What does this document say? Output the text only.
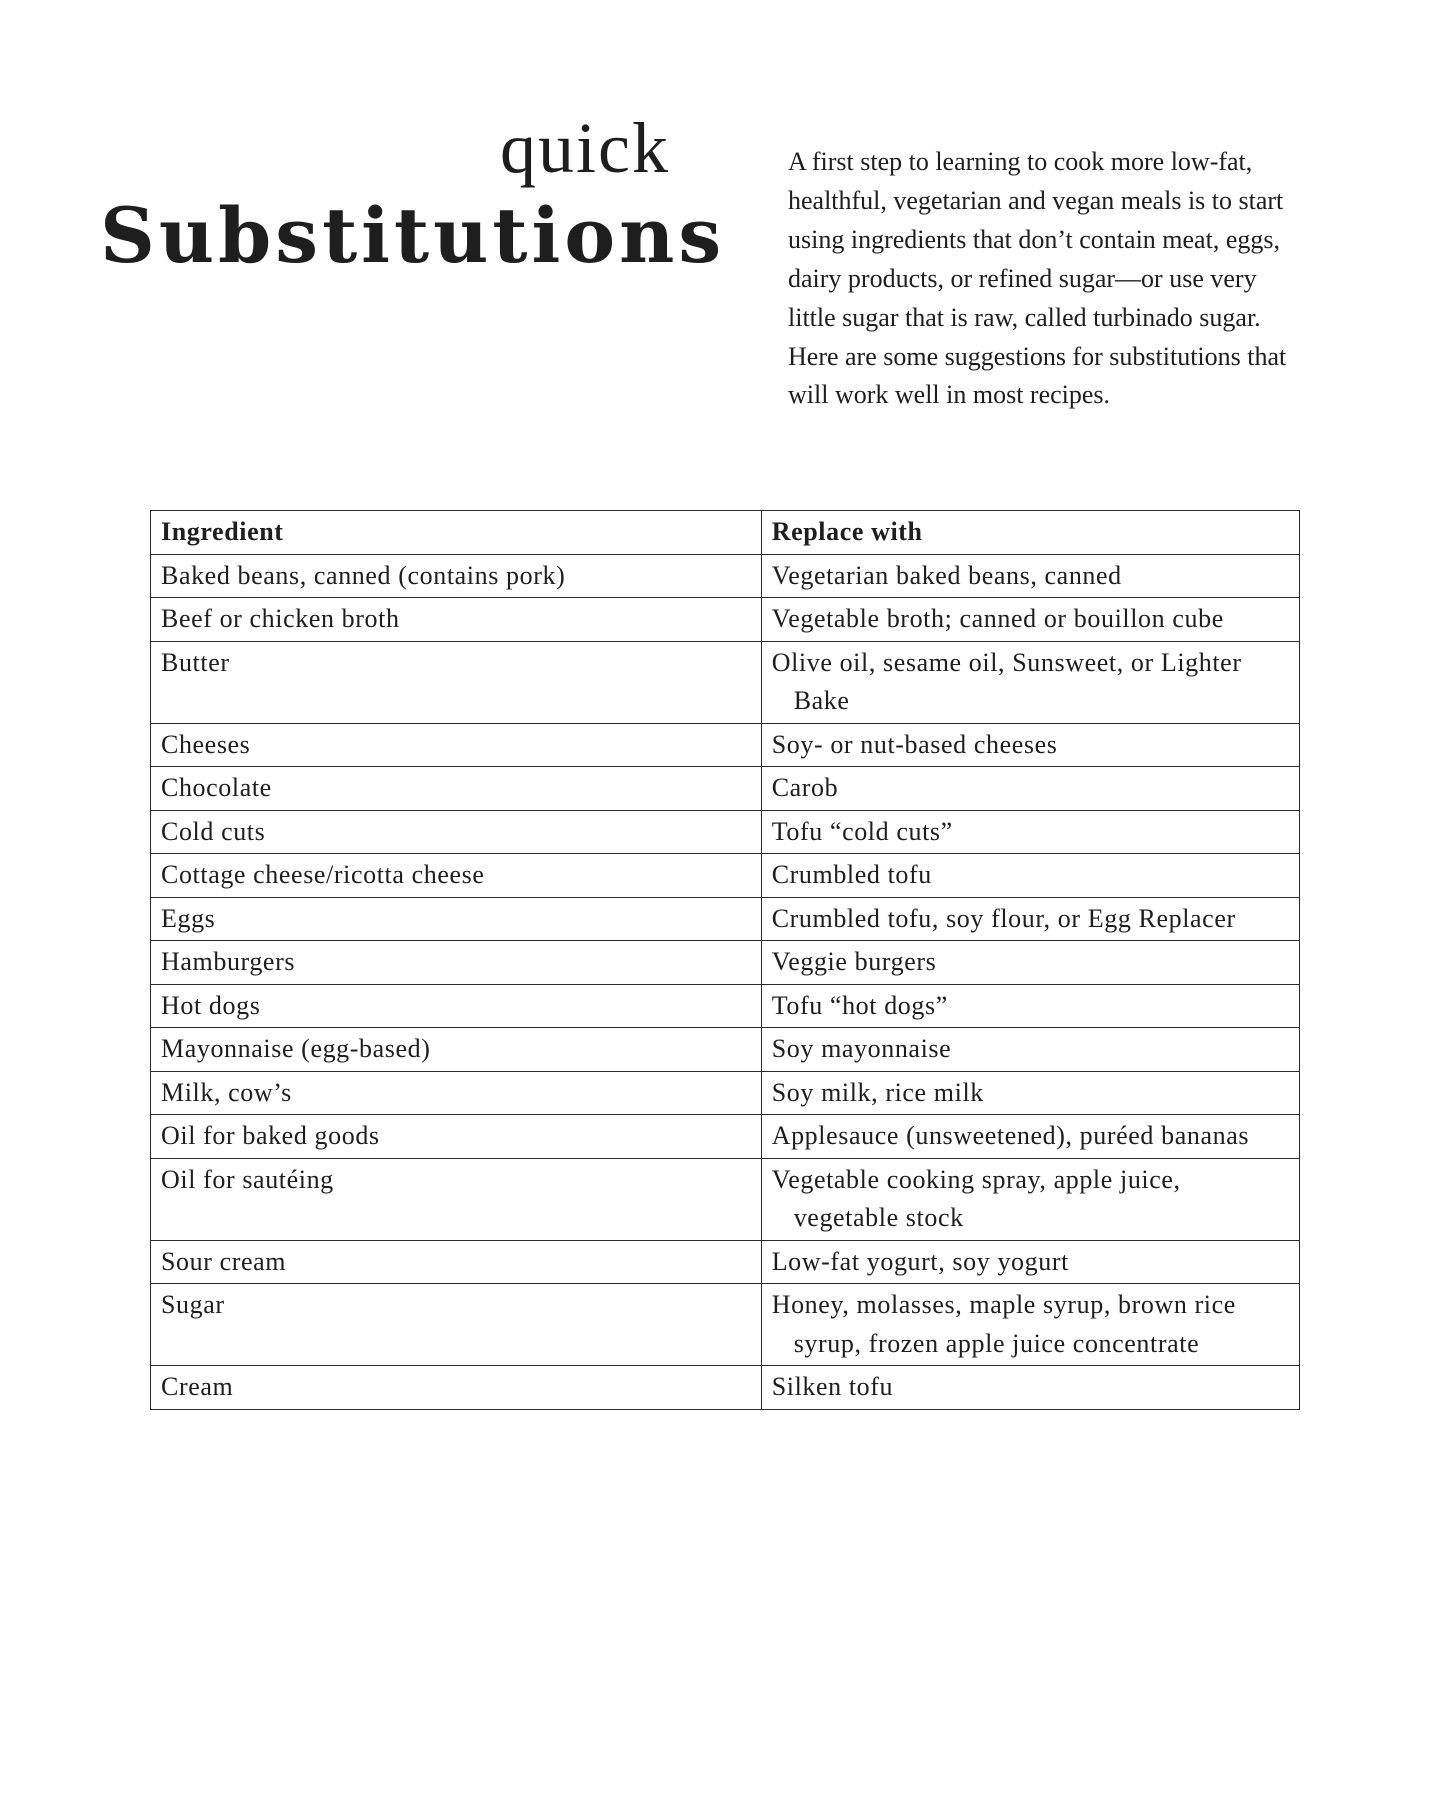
quick
Substitutions

A first step to learning to cook more low-fat, healthful, vegetarian and vegan meals is to start using ingredients that don’t contain meat, eggs, dairy products, or refined sugar—or use very little sugar that is raw, called turbinado sugar. Here are some suggestions for substitutions that will work well in most recipes.

Ingredient	Replace with
Baked beans, canned (contains pork)	Vegetarian baked beans, canned
Beef or chicken broth	Vegetable broth; canned or bouillon cube
Butter	Olive oil, sesame oil, Sunsweet, or Lighter Bake
Cheeses	Soy- or nut-based cheeses
Chocolate	Carob
Cold cuts	Tofu “cold cuts”
Cottage cheese/ricotta cheese	Crumbled tofu
Eggs	Crumbled tofu, soy flour, or Egg Replacer
Hamburgers	Veggie burgers
Hot dogs	Tofu “hot dogs”
Mayonnaise (egg-based)	Soy mayonnaise
Milk, cow’s	Soy milk, rice milk
Oil for baked goods	Applesauce (unsweetened), puréed bananas
Oil for sautéing	Vegetable cooking spray, apple juice, vegetable stock
Sour cream	Low-fat yogurt, soy yogurt
Sugar	Honey, molasses, maple syrup, brown rice syrup, frozen apple juice concentrate
Cream	Silken tofu
